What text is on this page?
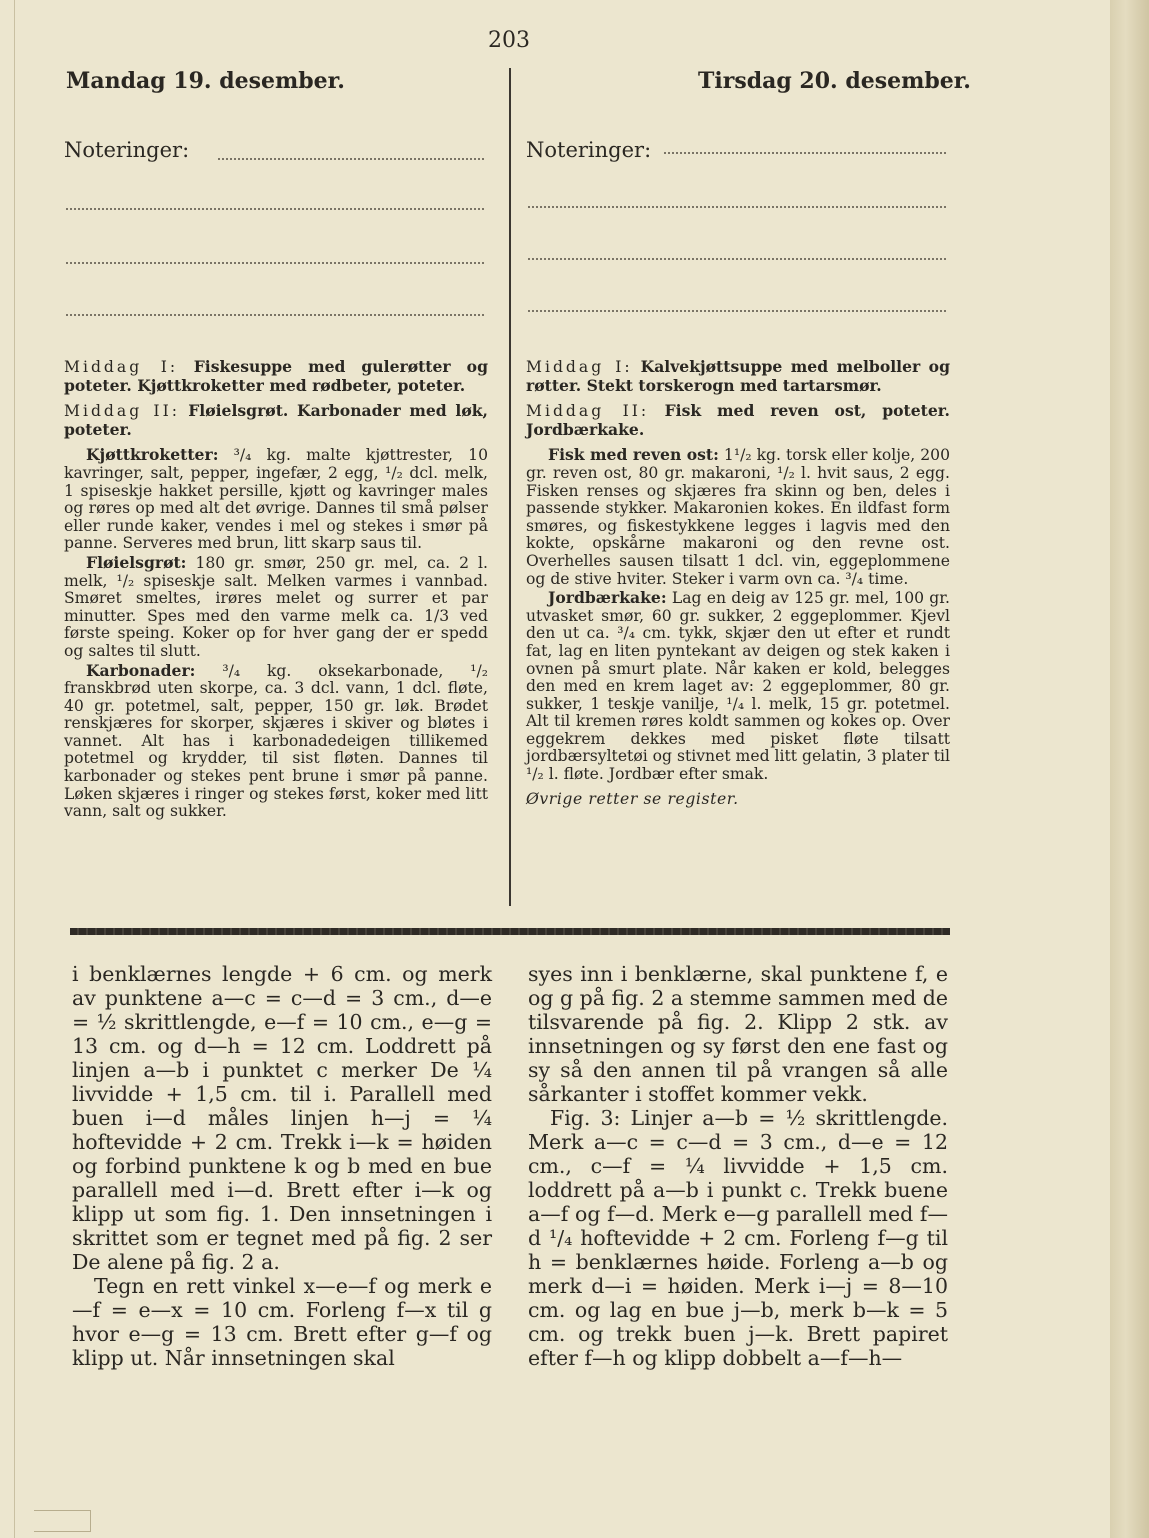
203
Mandag 19. desember.	Tirsdag 20. desember.
Noteringer:	Noteringer:

Middag I: Fiskesuppe med gulerøtter og poteter. Kjøttkroketter med rødbeter, poteter.

Middag II: Fløielsgrøt. Karbonader med løk, poteter.

Kjøttkroketter: ³/₄ kg. malte kjøttrester, 10 kavringer, salt, pepper, ingefær, 2 egg, ¹/₂ dcl. melk, 1 spiseskje hakket persille, kjøtt og kavringer males og røres op med alt det øvrige. Dannes til små pølser eller runde kaker, vendes i mel og stekes i smør på panne. Serveres med brun, litt skarp saus til.

Fløielsgrøt: 180 gr. smør, 250 gr. mel, ca. 2 l. melk, ¹/₂ spiseskje salt. Melken varmes i vannbad. Smøret smeltes, irøres melet og surrer et par minutter. Spes med den varme melk ca. 1/3 ved første speing. Koker op for hver gang der er spedd og saltes til slutt.

Karbonader: ³/₄ kg. oksekarbonade, ¹/₂ franskbrød uten skorpe, ca. 3 dcl. vann, 1 dcl. fløte, 40 gr. potetmel, salt, pepper, 150 gr. løk. Brødet renskjæres for skorper, skjæres i skiver og bløtes i vannet. Alt has i karbonadedeigen tillikemed potetmel og krydder, til sist fløten. Dannes til karbonader og stekes pent brune i smør på panne. Løken skjæres i ringer og stekes først, koker med litt vann, salt og sukker.

Middag I: Kalvekjøttsuppe med melboller og røtter. Stekt torskerogn med tartarsmør.

Middag II: Fisk med reven ost, poteter. Jordbærkake.

Fisk med reven ost: 1¹/₂ kg. torsk eller kolje, 200 gr. reven ost, 80 gr. makaroni, ¹/₂ l. hvit saus, 2 egg. Fisken renses og skjæres fra skinn og ben, deles i passende stykker. Makaronien kokes. En ildfast form smøres, og fiskestykkene legges i lagvis med den kokte, opskårne makaroni og den revne ost. Overhelles sausen tilsatt 1 dcl. vin, eggeplommene og de stive hviter. Steker i varm ovn ca. ³/₄ time.

Jordbærkake: Lag en deig av 125 gr. mel, 100 gr. utvasket smør, 60 gr. sukker, 2 eggeplommer. Kjevl den ut ca. ³/₄ cm. tykk, skjær den ut efter et rundt fat, lag en liten pyntekant av deigen og stek kaken i ovnen på smurt plate. Når kaken er kold, belegges den med en krem laget av: 2 eggeplommer, 80 gr. sukker, 1 teskje vanilje, ¹/₄ l. melk, 15 gr. potetmel. Alt til kremen røres koldt sammen og kokes op. Over eggekrem dekkes med pisket fløte tilsatt jordbærsyltetøi og stivnet med litt gelatin, 3 plater til ¹/₂ l. fløte. Jordbær efter smak.

Øvrige retter se register.

i benklærnes lengde + 6 cm. og merk av punktene a—c = c—d = 3 cm., d—e = ½ skrittlengde, e—f = 10 cm., e—g = 13 cm. og d—h = 12 cm. Loddrett på linjen a—b i punktet c merker De ¼ livvidde + 1,5 cm. til i. Parallell med buen i—d måles linjen h—j = ¼ hoftevidde + 2 cm. Trekk i—k = høiden og forbind punktene k og b med en bue parallell med i—d. Brett efter i—k og klipp ut som fig. 1. Den innsetningen i skrittet som er tegnet med på fig. 2 ser De alene på fig. 2 a.

Tegn en rett vinkel x—e—f og merk e—f = e—x = 10 cm. Forleng f—x til g hvor e—g = 13 cm. Brett efter g—f og klipp ut. Når innsetningen skal

syes inn i benklærne, skal punktene f, e og g på fig. 2 a stemme sammen med de tilsvarende på fig. 2. Klipp 2 stk. av innsetningen og sy først den ene fast og sy så den annen til på vrangen så alle sårkanter i stoffet kommer vekk.

Fig. 3: Linjer a—b = ½ skrittlengde. Merk a—c = c—d = 3 cm., d—e = 12 cm., c—f = ¼ livvidde + 1,5 cm. loddrett på a—b i punkt c. Trekk buene a—f og f—d. Merk e—g parallell med f—d ¹/₄ hoftevidde + 2 cm. Forleng f—g til h = benklærnes høide. Forleng a—b og merk d—i = høiden. Merk i—j = 8—10 cm. og lag en bue j—b, merk b—k = 5 cm. og trekk buen j—k. Brett papiret efter f—h og klipp dobbelt a—f—h—
